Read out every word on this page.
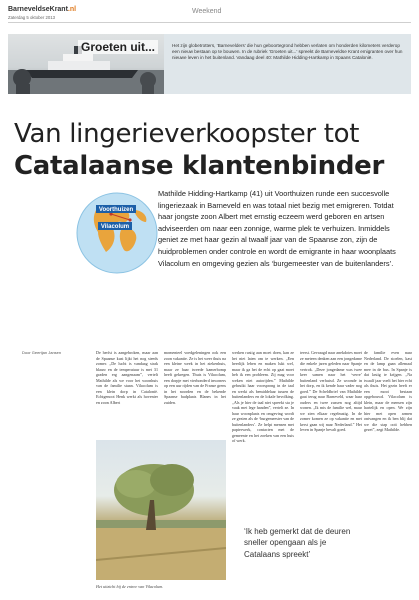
BarneveldseKrant.nl
Zaterdag 5 oktober 2013
Weekend
Groeten uit...	Het zijn globetrotters, ‘Barnevelders’ die hun geboortegrond hebben verlaten om honderden kilometers verderop een nieuw bestaan op te bouwen. In de rubriek ‘Groeten uit...’ spreekt de Barneveldse Krant emigranten over hun nieuwe leven in het buitenland. Vandaag deel 40: Mathilde Hidding-Hartkamp in Spaans Catalonië.
Van lingerieverkoopster tot
Catalaanse klantenbinder
Voorthuizen
Vilacolum
Mathilde Hidding-Hartkamp (41) uit Voorthuizen runde een succesvolle lingeriezaak in Barneveld en was totaal niet bezig met emigreren. Totdat haar jongste zoon Albert met ernstig eczeem werd geboren en artsen adviseerden om naar een zonnige, warme plek te verhuizen. Inmiddels geniet ze met haar gezin al twaalf jaar van de Spaanse zon, zijn de huidproblemen onder controle en wordt de emigrante in haar woonplaats Vilacolum en omgeving gezien als ‘burgemeester van de buitenlanders’.
Door Geertjan Jansen	De herfst is aangebroken, maar aan de Spaanse kust lijkt het nog steeds zomer. „De lucht is vandaag strak blauw en de temperatuur is met 31 graden erg aangenaam”, vertelt Mathilde als we voor het woonhuis van de familie staan. Vilacolum is een klein dorp in Catalonië. Echtgenoot Henk werkt als hovenier en zoon Albert
momenteel voedgeleningen ook een zoon vakantie. Ze is het weer thuis na een kleine week in het ziekenhuis, maar ze haar tweede kamerbomp heeft gekregen. Thuis is Vilacolum, een dorpje met vierhonderd inwoners op een uur rijden van de Franse grens in het noorden en de bekende Spaanse badplaats Blanes in het zuiden.
werken rustig aan moet doen, kan ze het niet laten om te werken. „Een heerlijk leben en maken lukt wel, maar ik ga het de echt op gaat moet heb ik een probleem. Zij mag voor weken niet autorijden.” Mathilde gebruikt haar voorsprong in de taal en werkt als bemiddelaar tussen de buitenlanders en de lokale bevolking. „Als je hier de taal niet spreekt sta je vaak met lege handen”, vertelt ze. In haar woonplaats en omgeving wordt ze gezien als de ‘burgemeester van de buitenlanders’. Ze helpt mensen met papierwerk, contacten met de gemeente en het zoeken van een huis of werk.
teerst. Gevraagd naar anekdotes moet ze meteen denken aan een jongedame die enkele jaren geleden naar Spanje vertrok. „Deze jongedame was twee keer samen naar het ‘verre’ buitenland verhuisd. Ze woonde in het dorp, en ik kende haar vader nog goed.” De Scheldbrief van Mathilde gaat terug naar Barneveld, waar haar ouders en twee zussen nog altijd wonen. „Ik mis de familie wel, maar we zien elkaar regelmatig. In de zomer komen ze op vakantie en met kerst gaan wij naar Nederland.” Het leven in Spanje bevalt goed.
de familie even naar Nederland. De stoelen, kast en de lamp gaan allemaal mee in de bus. In Spanje is dat lastig te krijgen. „Na twaalf jaar voelt het hier echt als thuis. Het gezin heeft er een mooi bestaan opgebouwd. Vilacolum is klein, maar de mensen zijn hartelijk en open. We zijn hier met open armen ontvangen en ik ben blij dat we die stap ooit hebben gezet”, zegt Mathilde.
Het uitzicht bij de entree van Vilacolum.
‘Ik heb gemerkt dat de deuren sneller opengaan als je Catalaans spreekt’
